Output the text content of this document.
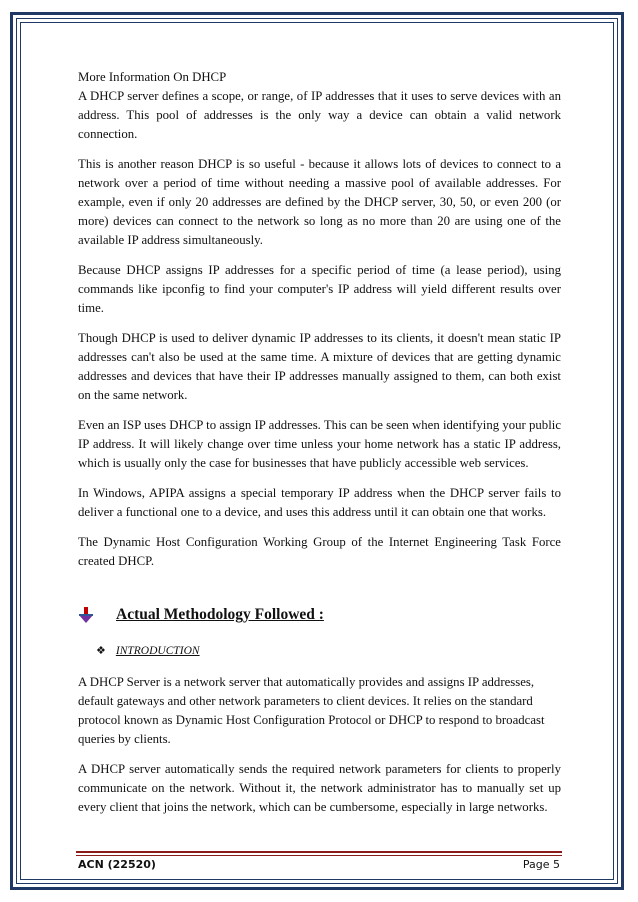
More Information On DHCP

A DHCP server defines a scope, or range, of IP addresses that it uses to serve devices with an address. This pool of addresses is the only way a device can obtain a valid network connection.

This is another reason DHCP is so useful - because it allows lots of devices to connect to a network over a period of time without needing a massive pool of available addresses. For example, even if only 20 addresses are defined by the DHCP server, 30, 50, or even 200 (or more) devices can connect to the network so long as no more than 20 are using one of the available IP address simultaneously.

Because DHCP assigns IP addresses for a specific period of time (a lease period), using commands like ipconfig to find your computer's IP address will yield different results over time.

Though DHCP is used to deliver dynamic IP addresses to its clients, it doesn't mean static IP addresses can't also be used at the same time. A mixture of devices that are getting dynamic addresses and devices that have their IP addresses manually assigned to them, can both exist on the same network.

Even an ISP uses DHCP to assign IP addresses. This can be seen when identifying your public IP address. It will likely change over time unless your home network has a static IP address, which is usually only the case for businesses that have publicly accessible web services.

In Windows, APIPA assigns a special temporary IP address when the DHCP server fails to deliver a functional one to a device, and uses this address until it can obtain one that works.

The Dynamic Host Configuration Working Group of the Internet Engineering Task Force created DHCP.

Actual Methodology Followed :
❖ INTRODUCTION

A DHCP Server is a network server that automatically provides and assigns IP addresses, default gateways and other network parameters to client devices. It relies on the standard protocol known as Dynamic Host Configuration Protocol or DHCP to respond to broadcast queries by clients.

A DHCP server automatically sends the required network parameters for clients to properly communicate on the network. Without it, the network administrator has to manually set up every client that joins the network, which can be cumbersome, especially in large networks.

ACN (22520)	Page 5
